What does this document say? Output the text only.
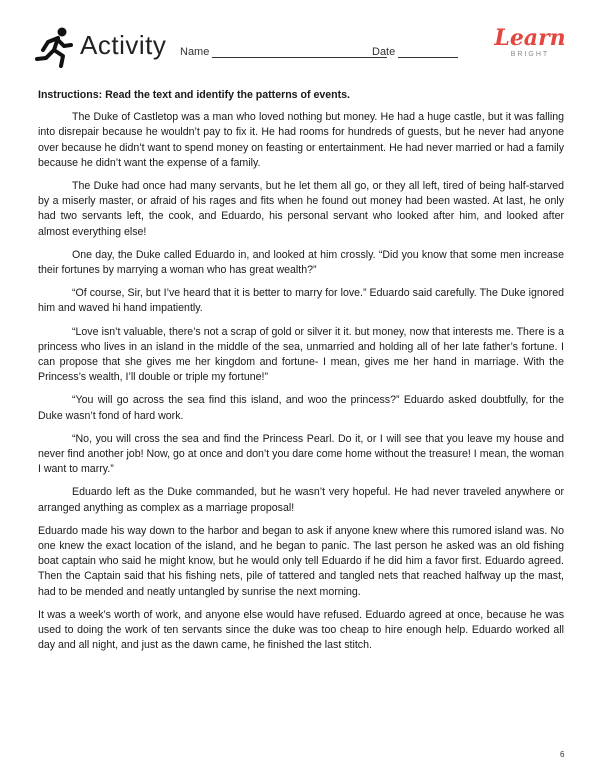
Activity Name	Date
Learn
BRIGHT

Instructions: Read the text and identify the patterns of events.

The Duke of Castletop was a man who loved nothing but money. He had a huge castle, but it was falling into disrepair because he wouldn’t pay to fix it. He had rooms for hundreds of guests, but he never had anyone over because he didn’t want to spend money on feasting or entertainment. He had never married or had a family because he didn’t want the expense of a family.

The Duke had once had many servants, but he let them all go, or they all left, tired of being half-starved by a miserly master, or afraid of his rages and fits when he found out money had been wasted. At last, he only had two servants left, the cook, and Eduardo, his personal servant who looked after him, and looked after almost everything else!

One day, the Duke called Eduardo in, and looked at him crossly. “Did you know that some men increase their fortunes by marrying a woman who has great wealth?”

“Of course, Sir, but I’ve heard that it is better to marry for love.” Eduardo said carefully. The Duke ignored him and waved hi hand impatiently.

“Love isn’t valuable, there’s not a scrap of gold or silver it it. but money, now that interests me. There is a princess who lives in an island in the middle of the sea, unmarried and holding all of her late father’s fortune. I can propose that she gives me her kingdom and fortune- I mean, gives me her hand in marriage. With the Princess’s wealth, I’ll double or triple my fortune!”

“You will go across the sea find this island, and woo the princess?” Eduardo asked doubtfully, for the Duke wasn’t fond of hard work.

“No, you will cross the sea and find the Princess Pearl. Do it, or I will see that you leave my house and never find another job! Now, go at once and don’t you dare come home without the treasure! I mean, the woman I want to marry.”

Eduardo left as the Duke commanded, but he wasn’t very hopeful. He had never traveled anywhere or arranged anything as complex as a marriage proposal!

Eduardo made his way down to the harbor and began to ask if anyone knew where this rumored island was. No one knew the exact location of the island, and he began to panic. The last person he asked was an old fishing boat captain who said he might know, but he would only tell Eduardo if he did him a favor first. Eduardo agreed. Then the Captain said that his fishing nets, pile of tattered and tangled nets that reached halfway up the mast, had to be mended and neatly untangled by sunrise the next morning.

It was a week’s worth of work, and anyone else would have refused. Eduardo agreed at once, because he was used to doing the work of ten servants since the duke was too cheap to hire enough help. Eduardo worked all day and all night, and just as the dawn came, he finished the last stitch.

6
